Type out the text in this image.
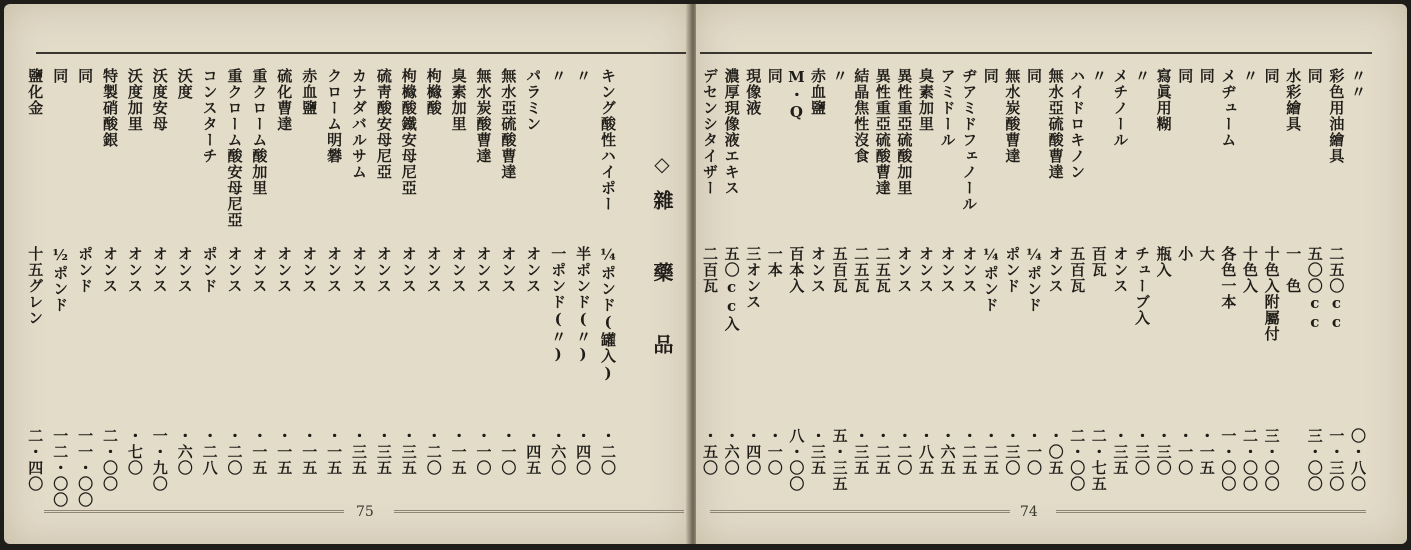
◇雜 藥 品
キング酸性ハイポー
¼ポンド(罐入)
・二〇
〃
半ポンド(〃)
・四〇
〃
一ポンド(〃)
・六〇
パラミン
オンス
・四五
無水亞硫酸曹達
オンス
・一〇
無水炭酸曹達
オンス
・一〇
臭素加里
オンス
・一五
枸櫞酸
オンス
・二〇
枸櫞酸鐵安母尼亞
オンス
・三五
硫靑酸安母尼亞
オンス
・三五
カナダバルサム
オンス
・三五
クローム明礬
オンス
・一五
赤血鹽
オンス
・一五
硫化曹達
オンス
・一五
重クローム酸加里
オンス
・一五
重クローム酸安母尼亞
オンス
・二〇
コンスターチ
ポンド
・二八
沃度
オンス
・六〇
沃度安母
オンス
一・九〇
沃度加里
オンス
・七〇
特製硝酸銀
オンス
二・〇〇
同
ポンド
一一・〇〇
同
½ポンド
一二・〇〇
鹽化金
十五グレン
二・四〇
75
〃〃
〇・八〇
彩色用油繪具
二五〇cc
一・三〇
同
五〇〇cc
三・〇〇
水彩繪具
一　色
同
十色入附屬付
三・〇〇
〃
十色入
二・〇〇
メヂューム
各色一本
一・〇〇
同
大
・一五
同
小
・一〇
寫眞用糊
瓶入
・三〇
〃
チューブ入
・三〇
メチノール
オンス
・三五
〃
百瓦
二・七五
ハイドロキノン
五百瓦
二・〇〇
無水亞硫酸曹達
オンス
・〇五
同
¼ポンド
・一〇
無水炭酸曹達
ポンド
・三〇
同
¼ポンド
・二五
ヂアミドフェノール
オンス
・二五
アミドール
オンス
・六五
臭素加里
オンス
・八五
異性重亞硫酸加里
オンス
・二〇
異性重亞硫酸曹達
二五瓦
・二五
結晶焦性沒食
二五瓦
・三五
〃
五百瓦
五・三五
赤血鹽
オンス
・三五
M・Q
百本入
八・〇〇
同
一本
・一〇
現像液
三オンス
・四〇
濃厚現像液エキス
五〇cc入
・六〇
デセンシタイザー
二百瓦
・五〇
74
